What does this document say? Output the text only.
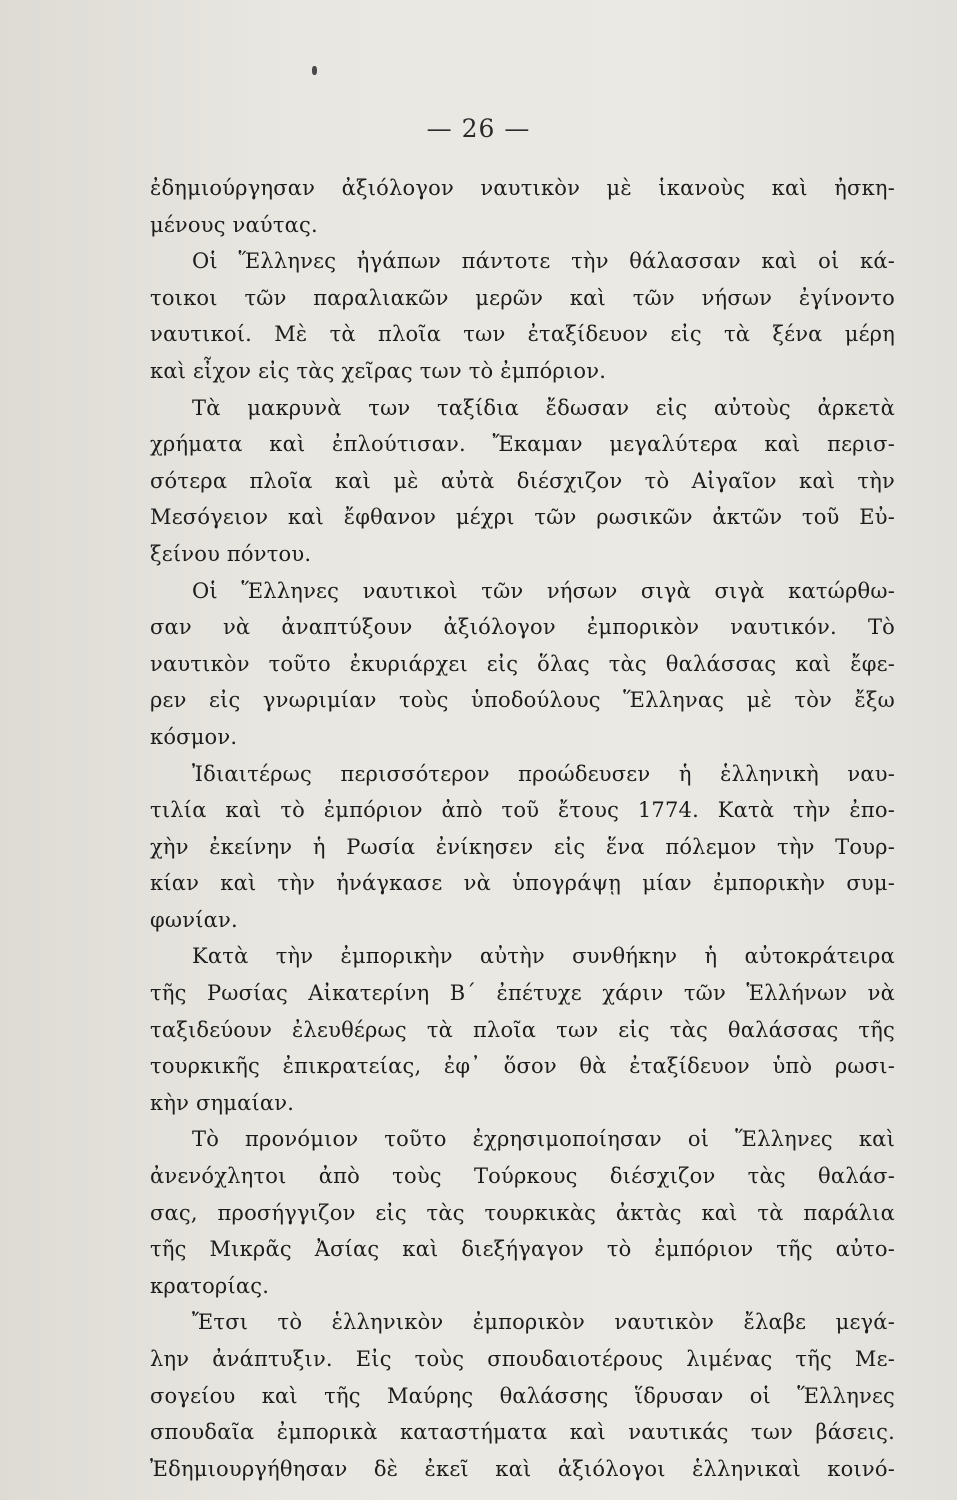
— 26 —
ἐδημιούργησαν ἀξιόλογον ναυτικὸν μὲ ἱκανοὺς καὶ ἠσκη-
μένους ναύτας.
Οἱ Ἕλληνες ἠγάπων πάντοτε τὴν θάλασσαν καὶ οἱ κά-
τοικοι τῶν παραλιακῶν μερῶν καὶ τῶν νήσων ἐγίνοντο
ναυτικοί. Μὲ τὰ πλοῖα των ἐταξίδευον εἰς τὰ ξένα μέρη
καὶ εἶχον εἰς τὰς χεῖρας των τὸ ἐμπόριον.
Τὰ μακρυνὰ των ταξίδια ἔδωσαν εἰς αὐτοὺς ἀρκετὰ
χρήματα καὶ ἐπλούτισαν. Ἔκαμαν μεγαλύτερα καὶ περισ-
σότερα πλοῖα καὶ μὲ αὐτὰ διέσχιζον τὸ Αἰγαῖον καὶ τὴν
Μεσόγειον καὶ ἔφθανον μέχρι τῶν ρωσικῶν ἀκτῶν τοῦ Εὐ-
ξείνου πόντου.
Οἱ Ἕλληνες ναυτικοὶ τῶν νήσων σιγὰ σιγὰ κατώρθω-
σαν νὰ ἀναπτύξουν ἀξιόλογον ἐμπορικὸν ναυτικόν. Τὸ
ναυτικὸν τοῦτο ἐκυριάρχει εἰς ὅλας τὰς θαλάσσας καὶ ἔφε-
ρεν εἰς γνωριμίαν τοὺς ὑποδούλους Ἕλληνας μὲ τὸν ἔξω
κόσμον.
Ἰδιαιτέρως περισσότερον προώδευσεν ἡ ἑλληνικὴ ναυ-
τιλία καὶ τὸ ἐμπόριον ἀπὸ τοῦ ἔτους 1774. Κατὰ τὴν ἐπο-
χὴν ἐκείνην ἡ Ρωσία ἐνίκησεν εἰς ἕνα πόλεμον τὴν Τουρ-
κίαν καὶ τὴν ἠνάγκασε νὰ ὑπογράψῃ μίαν ἐμπορικὴν συμ-
φωνίαν.
Κατὰ τὴν ἐμπορικὴν αὐτὴν συνθήκην ἡ αὐτοκράτειρα
τῆς Ρωσίας Αἰκατερίνη Β΄ ἐπέτυχε χάριν τῶν Ἑλλήνων νὰ
ταξιδεύουν ἐλευθέρως τὰ πλοῖα των εἰς τὰς θαλάσσας τῆς
τουρκικῆς ἐπικρατείας, ἐφ᾿ ὅσον θὰ ἐταξίδευον ὑπὸ ρωσι-
κὴν σημαίαν.
Τὸ προνόμιον τοῦτο ἐχρησιμοποίησαν οἱ Ἕλληνες καὶ
ἀνενόχλητοι ἀπὸ τοὺς Τούρκους διέσχιζον τὰς θαλάσ-
σας, προσήγγιζον εἰς τὰς τουρκικὰς ἀκτὰς καὶ τὰ παράλια
τῆς Μικρᾶς Ἀσίας καὶ διεξήγαγον τὸ ἐμπόριον τῆς αὐτο-
κρατορίας.
Ἔτσι τὸ ἑλληνικὸν ἐμπορικὸν ναυτικὸν ἔλαβε μεγά-
λην ἀνάπτυξιν. Εἰς τοὺς σπουδαιοτέρους λιμένας τῆς Με-
σογείου καὶ τῆς Μαύρης θαλάσσης ἵδρυσαν οἱ Ἕλληνες
σπουδαῖα ἐμπορικὰ καταστήματα καὶ ναυτικάς των βάσεις.
Ἐδημιουργήθησαν δὲ ἐκεῖ καὶ ἀξιόλογοι ἑλληνικαὶ κοινό-
